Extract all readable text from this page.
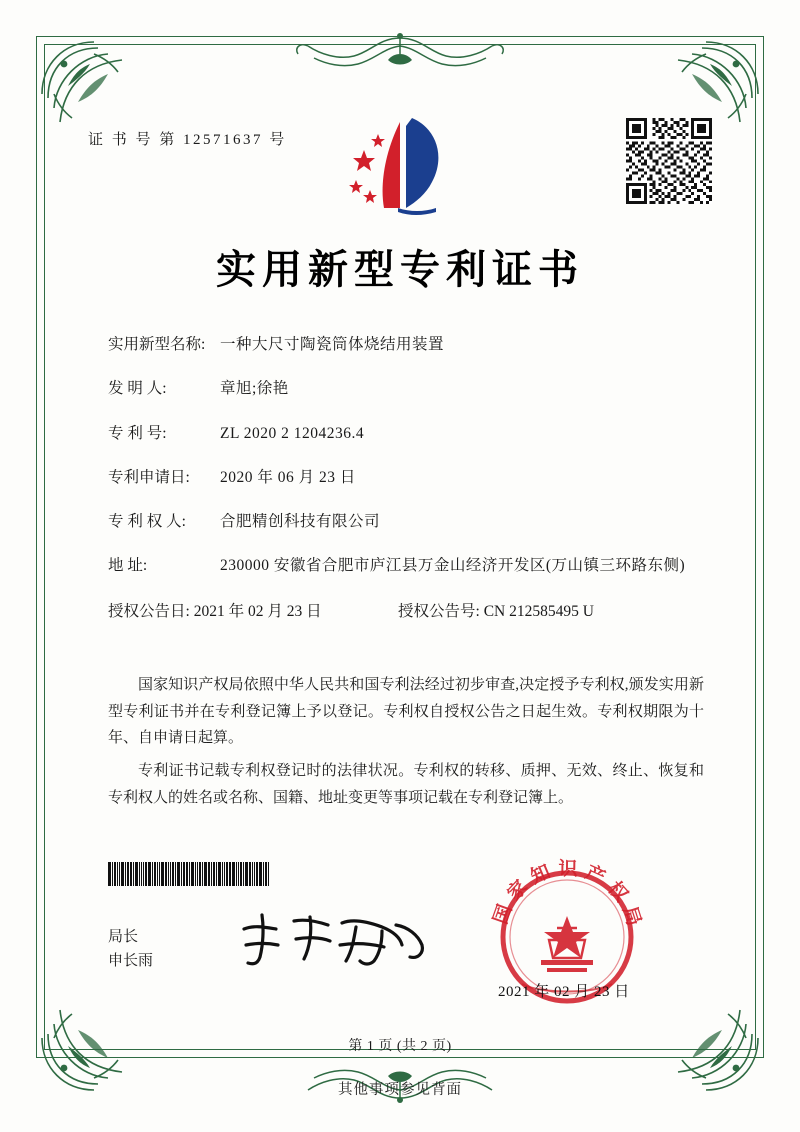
证 书 号 第 12571637 号
实用新型专利证书
实用新型名称: 一种大尺寸陶瓷筒体烧结用装置
发 明 人:	章旭;徐艳
专 利 号:	ZL 2020 2 1204236.4
专利申请日:	2020 年 06 月 23 日
专 利 权 人:	合肥精创科技有限公司
地 址:	230000 安徽省合肥市庐江县万金山经济开发区(万山镇三环路东侧)
授权公告日: 2021 年 02 月 23 日	授权公告号: CN 212585495 U

国家知识产权局依照中华人民共和国专利法经过初步审查,决定授予专利权,颁发实用新型专利证书并在专利登记簿上予以登记。专利权自授权公告之日起生效。专利权期限为十年、自申请日起算。

专利证书记载专利权登记时的法律状况。专利权的转移、质押、无效、终止、恢复和专利权人的姓名或名称、国籍、地址变更等事项记载在专利登记簿上。

局长
申长雨
国 家 知 识 产 权 局
2021 年 02 月 23 日
第 1 页 (共 2 页)
其他事项参见背面
